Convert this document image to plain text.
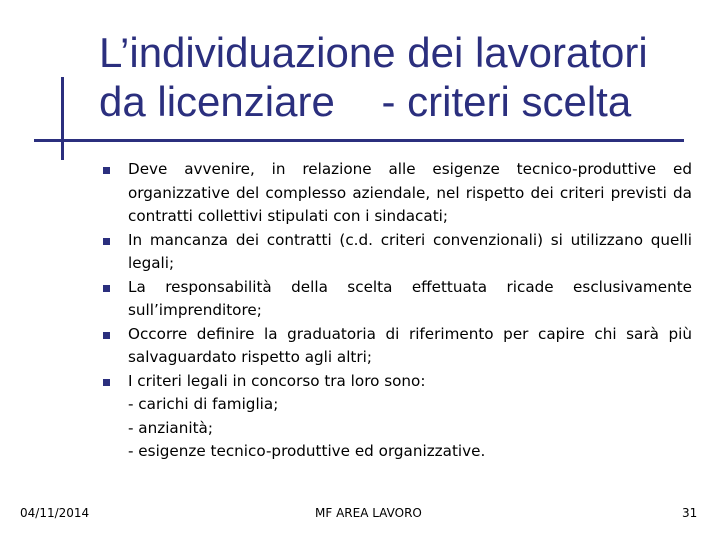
L’individuazione dei lavoratori
da licenziare    - criteri scelta
Deve avvenire, in relazione alle esigenze tecnico-produttive ed organizzative del complesso aziendale, nel rispetto dei criteri previsti da contratti collettivi stipulati con i sindacati;
In mancanza dei contratti (c.d. criteri convenzionali) si utilizzano quelli legali;
La responsabilità della scelta effettuata ricade esclusivamente sull’imprenditore;
Occorre definire la graduatoria di riferimento per capire chi sarà più salvaguardato rispetto agli altri;
I criteri legali in concorso tra loro sono:
- carichi di famiglia;
- anzianità;
- esigenze tecnico-produttive ed organizzative.
04/11/2014	MF AREA LAVORO	31
